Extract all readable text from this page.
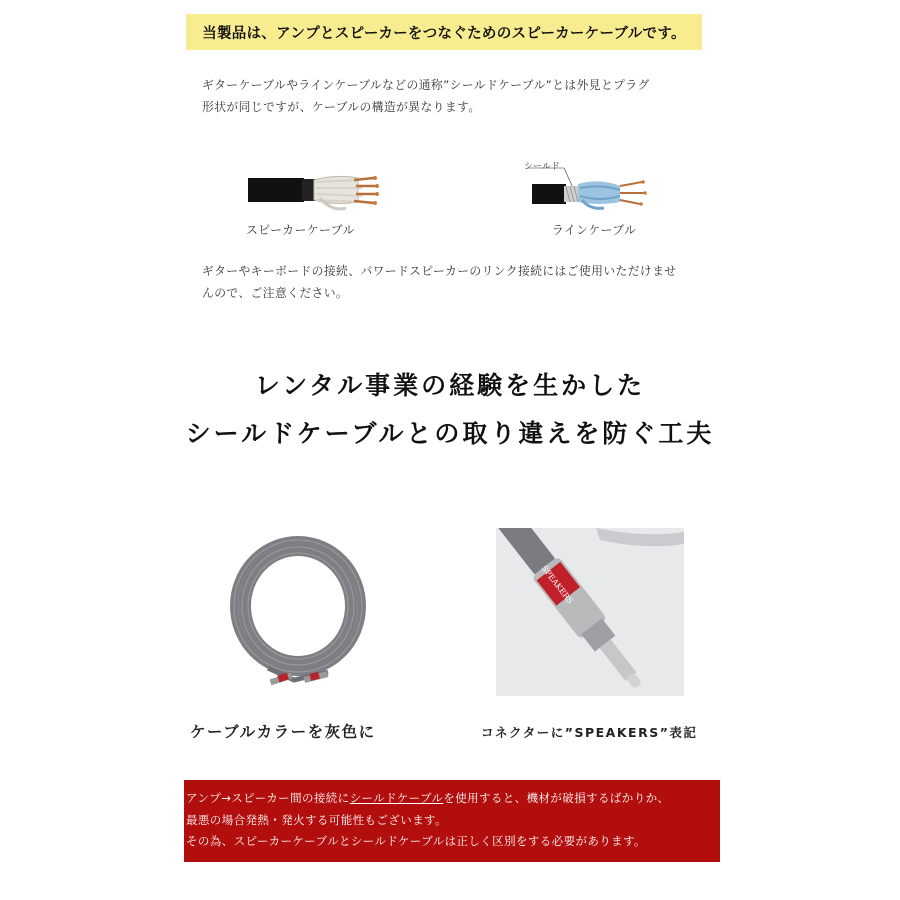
当製品は、アンプとスピーカーをつなぐためのスピーカーケーブルです。
ギターケーブルやラインケーブルなどの通称”シールドケーブル”とは外見とプラグ
形状が同じですが、ケーブルの構造が異なります。
シールド
スピーカーケーブル	ラインケーブル
ギターやキーボードの接続、パワードスピーカーのリンク接続にはご使用いただけませ
んので、ご注意ください。
レンタル事業の経験を生かした
シールドケーブルとの取り違えを防ぐ工夫
SPEAKERS
ケーブルカラーを灰色に	コネクターに”SPEAKERS”表記
アンプ→スピーカー間の接続にシールドケーブルを使用すると、機材が破損するばかりか、
最悪の場合発熱・発火する可能性もございます。
その為、スピーカーケーブルとシールドケーブルは正しく区別をする必要があります。
